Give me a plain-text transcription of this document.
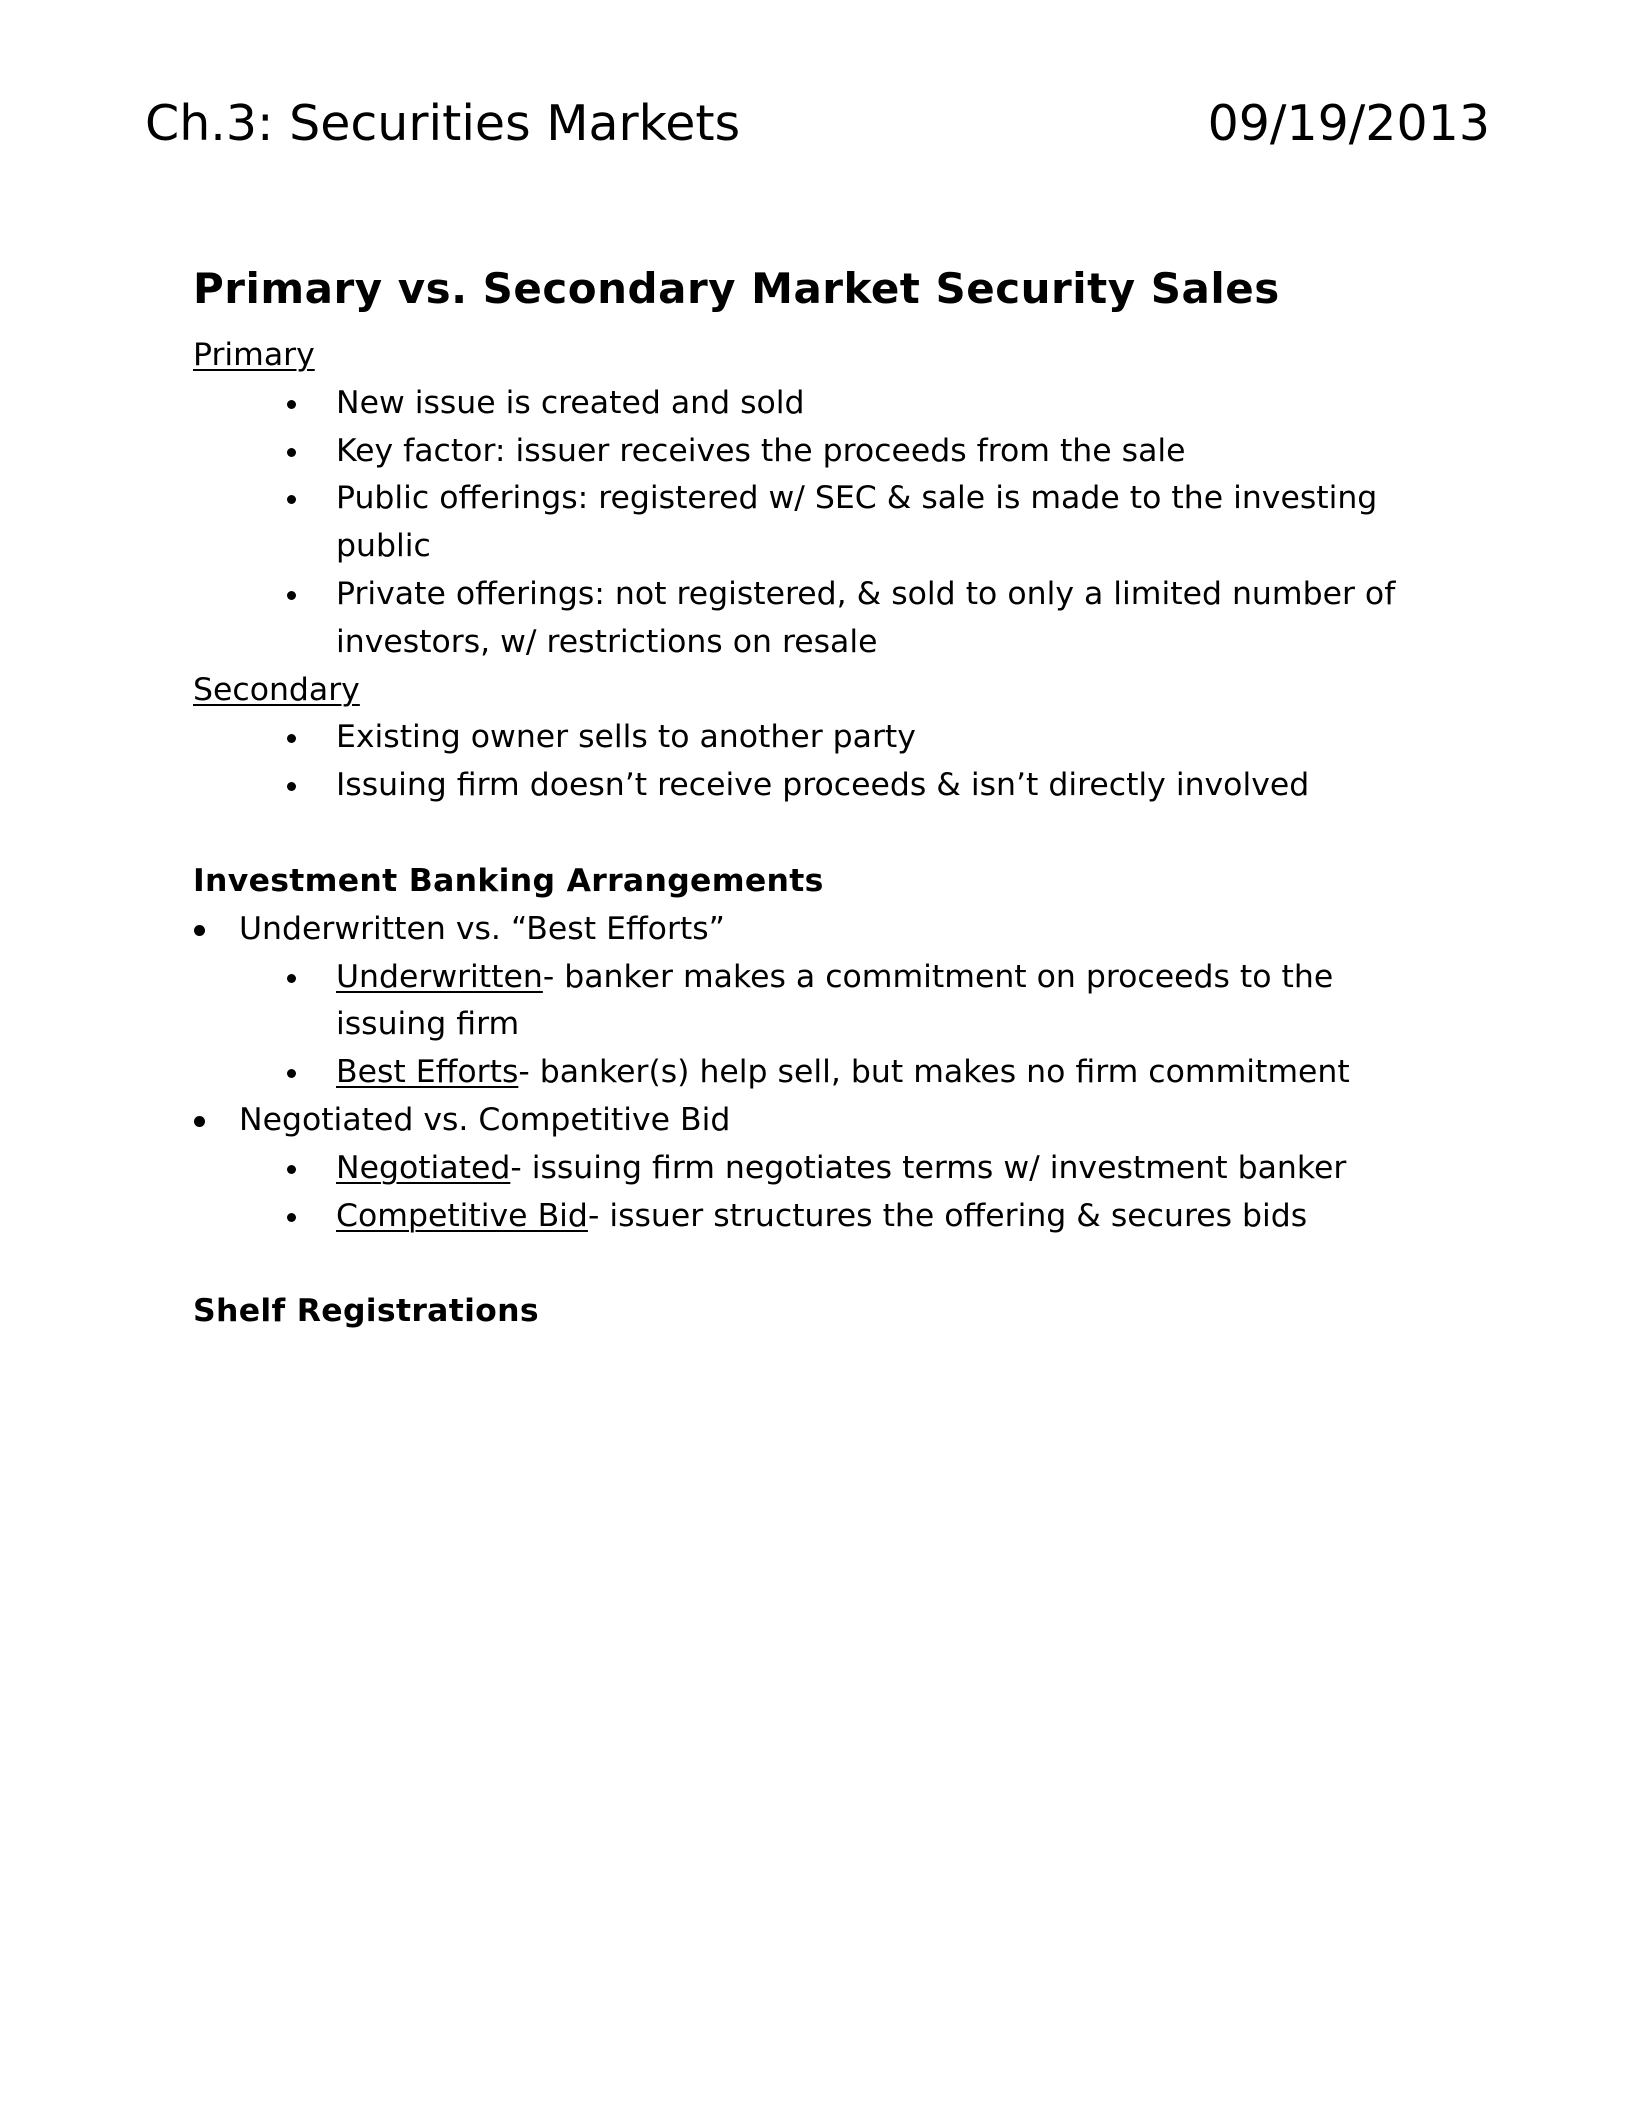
Ch.3: Securities Markets	09/19/2013
Primary vs. Secondary Market Security Sales
Primary
New issue is created and sold
Key factor: issuer receives the proceeds from the sale
Public offerings: registered w/ SEC & sale is made to the investing public
Private offerings: not registered, & sold to only a limited number of investors, w/ restrictions on resale
Secondary
Existing owner sells to another party
Issuing firm doesn’t receive proceeds & isn’t directly involved
Investment Banking Arrangements
Underwritten vs. “Best Efforts”
Underwritten- banker makes a commitment on proceeds to the issuing firm
Best Efforts- banker(s) help sell, but makes no firm commitment
Negotiated vs. Competitive Bid
Negotiated- issuing firm negotiates terms w/ investment banker
Competitive Bid- issuer structures the offering & secures bids
Shelf Registrations
